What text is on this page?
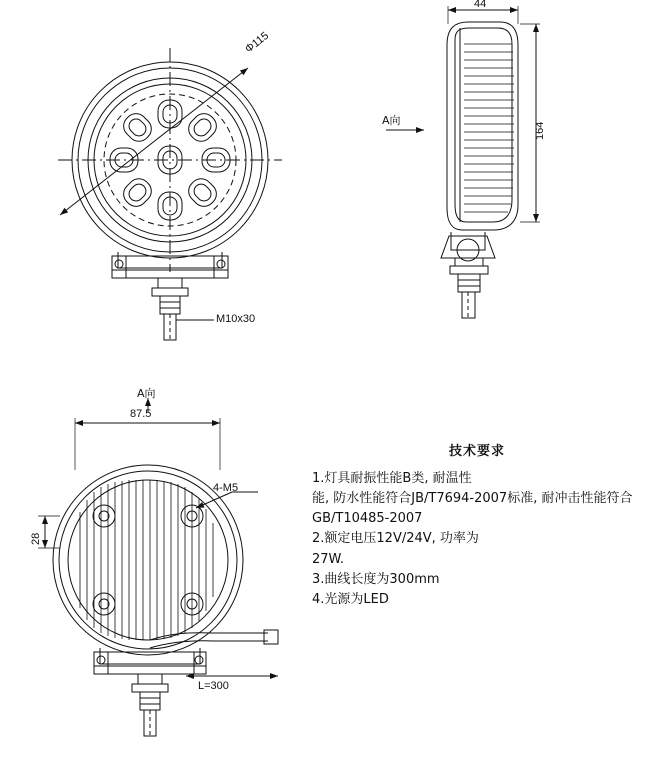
Φ115
M10x30
A向
44
164
A向
87.5
28
4-M5
L=300
技术要求
1.灯具耐振性能B类, 耐温性
能, 防水性能符合JB/T7694-2007标准, 耐冲击性能符合
GB/T10485-2007
2.额定电压12V/24V, 功率为
27W.
3.曲线长度为300mm
4.光源为LED
